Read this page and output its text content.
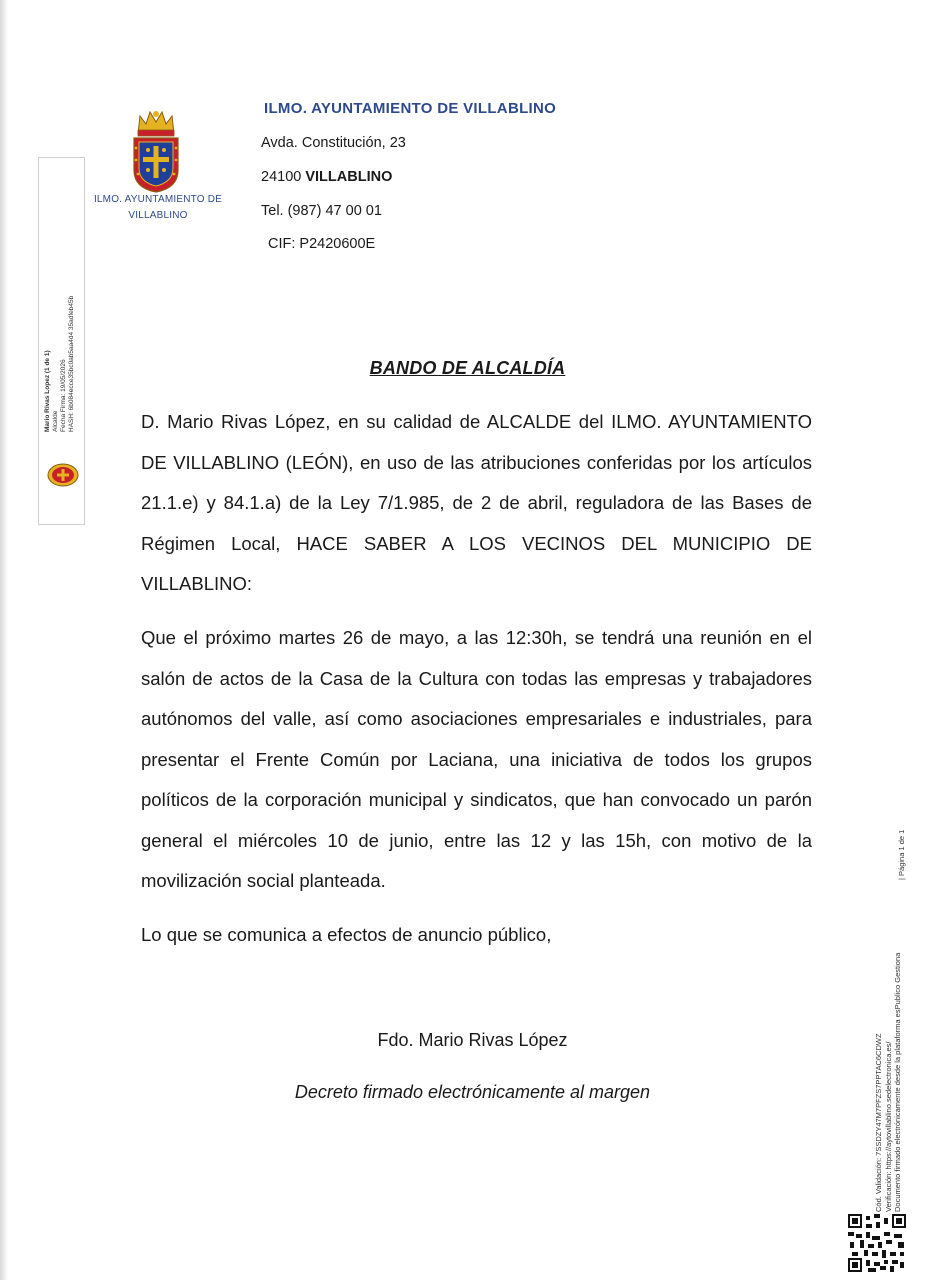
ILMO. AYUNTAMIENTO DE
VILLABLINO
ILMO. AYUNTAMIENTO DE VILLABLINO
Avda. Constitución, 23
24100 VILLABLINO
Tel. (987) 47 00 01
CIF: P2420600E
Mario Rivas Lopez (1 de 1) Alcalde Fecha Firma: 19/05/2026 HASH: 6b084ecce35bc0ab5aa4d4 35adfeb45b	BANDO DE ALCALDÍA
D. Mario Rivas López, en su calidad de ALCALDE del ILMO. AYUNTAMIENTO DE VILLABLINO (LEÓN), en uso de las atribuciones conferidas por los artículos 21.1.e) y 84.1.a) de la Ley 7/1.985, de 2 de abril, reguladora de las Bases de Régimen Local, HACE SABER A LOS VECINOS DEL MUNICIPIO DE VILLABLINO:
Que el próximo martes 26 de mayo, a las 12:30h, se tendrá una reunión en el salón de actos de la Casa de la Cultura con todas las empresas y trabajadores autónomos del valle, así como asociaciones empresariales e industriales, para presentar el Frente Común por Laciana, una iniciativa de todos los grupos políticos de la corporación municipal y sindicatos, que han convocado un parón general el miércoles 10 de junio, entre las 12 y las 15h, con motivo de la movilización social planteada.
Lo que se comunica a efectos de anuncio público,
Fdo. Mario Rivas López
Decreto firmado electrónicamente al margen
| Página 1 de 1
Cód. Validación: 7SSDZY47M7PFZS7PPTAC6CDWZ Verificación: https://aytovillablino.sedelectronica.es/ Documento firmado electrónicamente desde la plataforma esPublico Gestiona
